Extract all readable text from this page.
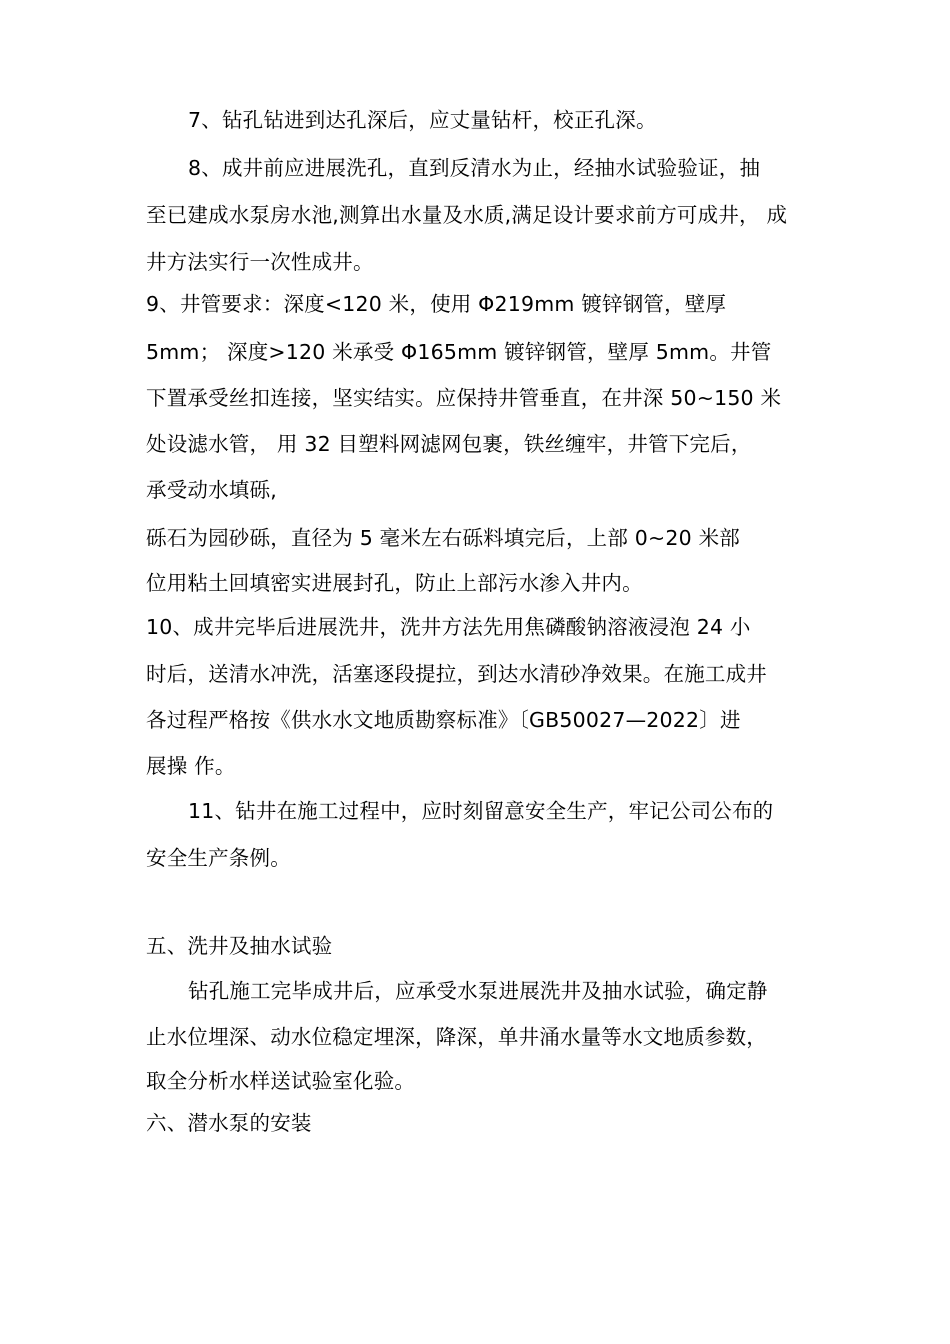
7、钻孔钻进到达孔深后，应丈量钻杆，校正孔深。
8、成井前应进展洗孔，直到反清水为止，经抽水试验验证，抽
至已建成水泵房水池,测算出水量及水质,满足设计要求前方可成井， 成
井方法实行一次性成井。
9、井管要求：深度<120 米，使用 Φ219mm 镀锌钢管，壁厚
5mm； 深度>120 米承受 Φ165mm 镀锌钢管，壁厚 5mm。井管
下置承受丝扣连接，坚实结实。应保持井管垂直，在井深 50~150 米
处设滤水管， 用 32 目塑料网滤网包裹，铁丝缠牢，井管下完后，
承受动水填砾,
砾石为园砂砾，直径为 5 毫米左右砾料填完后，上部 0~20 米部
位用粘土回填密实进展封孔，防止上部污水渗入井内。
10、成井完毕后进展洗井，洗井方法先用焦磷酸钠溶液浸泡 24 小
时后，送清水冲洗，活塞逐段提拉，到达水清砂净效果。在施工成井
各过程严格按《供水水文地质勘察标准》〔GB50027—2022〕进
展操 作。
11、钻井在施工过程中，应时刻留意安全生产，牢记公司公布的
安全生产条例。
五、洗井及抽水试验
钻孔施工完毕成井后，应承受水泵进展洗井及抽水试验，确定静
止水位埋深、动水位稳定埋深，降深，单井涌水量等水文地质参数，
取全分析水样送试验室化验。
六、潜水泵的安装
